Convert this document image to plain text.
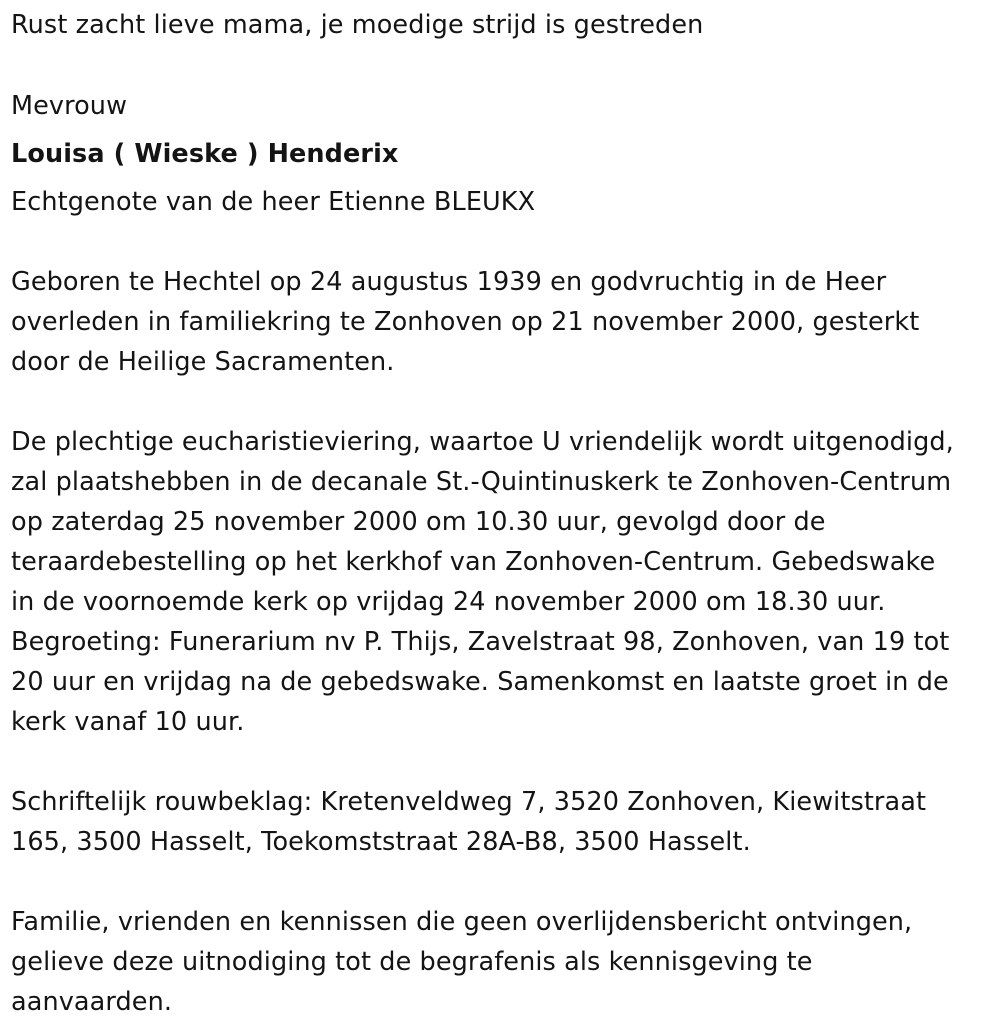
Rust zacht lieve mama, je moedige strijd is gestreden
Mevrouw
Louisa ( Wieske ) Henderix
Echtgenote van de heer Etienne BLEUKX
Geboren te Hechtel op 24 augustus 1939 en godvruchtig in de Heer
overleden in familiekring te Zonhoven op 21 november 2000, gesterkt
door de Heilige Sacramenten.
De plechtige eucharistieviering, waartoe U vriendelijk wordt uitgenodigd,
zal plaatshebben in de decanale St.-Quintinuskerk te Zonhoven-Centrum
op zaterdag 25 november 2000 om 10.30 uur, gevolgd door de
teraardebestelling op het kerkhof van Zonhoven-Centrum. Gebedswake
in de voornoemde kerk op vrijdag 24 november 2000 om 18.30 uur.
Begroeting: Funerarium nv P. Thijs, Zavelstraat 98, Zonhoven, van 19 tot
20 uur en vrijdag na de gebedswake. Samenkomst en laatste groet in de
kerk vanaf 10 uur.
Schriftelijk rouwbeklag: Kretenveldweg 7, 3520 Zonhoven, Kiewitstraat
165, 3500 Hasselt, Toekomststraat 28A-B8, 3500 Hasselt.
Familie, vrienden en kennissen die geen overlijdensbericht ontvingen,
gelieve deze uitnodiging tot de begrafenis als kennisgeving te
aanvaarden.
